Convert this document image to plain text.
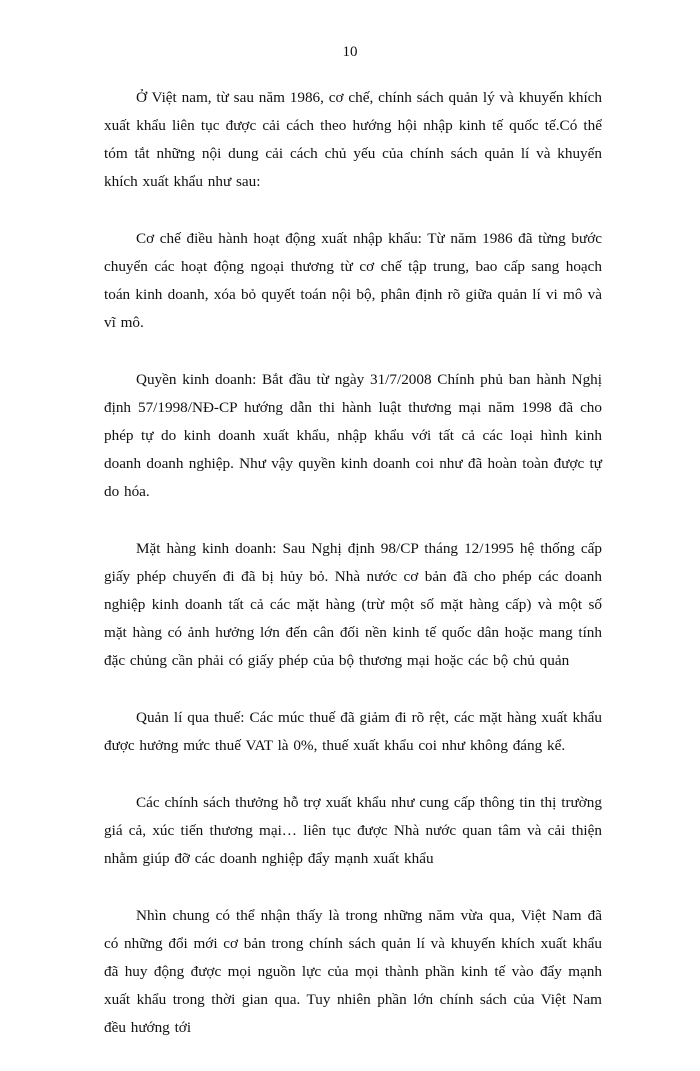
10

Ở Việt nam, từ sau năm 1986, cơ chế, chính sách quản lý và khuyến khích xuất khẩu liên tục được cải cách theo hướng hội nhập kinh tế quốc tế.Có thể tóm tắt những nội dung cải cách chủ yếu của chính sách quản lí và khuyến khích xuất khẩu như sau:

Cơ chế điều hành hoạt động xuất nhập khẩu: Từ năm 1986 đã từng bước chuyển các hoạt động ngoại thương từ cơ chế tập trung, bao cấp sang hoạch toán kinh doanh, xóa bỏ quyết toán nội bộ, phân định rõ giữa quản lí vi mô và vĩ mô.

Quyền kinh doanh: Bắt đầu từ ngày 31/7/2008 Chính phủ ban hành Nghị định 57/1998/NĐ-CP hướng dẫn thi hành luật thương mại năm 1998 đã cho phép tự do kinh doanh xuất khẩu, nhập khẩu với tất cả các loại hình kinh doanh doanh nghiệp. Như vậy quyền kinh doanh coi như đã hoàn toàn được tự do hóa.

Mặt hàng kinh doanh: Sau Nghị định 98/CP tháng 12/1995 hệ thống cấp giấy phép chuyến đi đã bị hủy bỏ. Nhà nước cơ bản đã cho phép các doanh nghiệp kinh doanh tất cả các mặt hàng (trừ một số mặt hàng cấp) và một số mặt hàng có ảnh hưởng lớn đến cân đối nền kinh tế quốc dân hoặc mang tính đặc chủng cần phải có giấy phép của bộ thương mại hoặc các bộ chủ quản

Quản lí qua thuế: Các múc thuế đã giảm đi rõ rệt, các mặt hàng xuất khẩu được hưởng mức thuế VAT là 0%, thuế xuất khẩu coi như không đáng kể.

Các chính sách thưởng hỗ trợ xuất khẩu như cung cấp thông tin thị trường giá cả, xúc tiến thương mại… liên tục được Nhà nước quan tâm và cải thiện nhằm giúp đỡ các doanh nghiệp đẩy mạnh xuất khẩu

Nhìn chung có thể nhận thấy là trong những năm vừa qua, Việt Nam đã có những đổi mới cơ bản trong chính sách quản lí và khuyến khích xuất khẩu đã huy động được mọi nguồn lực của mọi thành phần kinh tế vào đẩy mạnh xuất khẩu trong thời gian qua. Tuy nhiên phần lớn chính sách của Việt Nam đều hướng tới
